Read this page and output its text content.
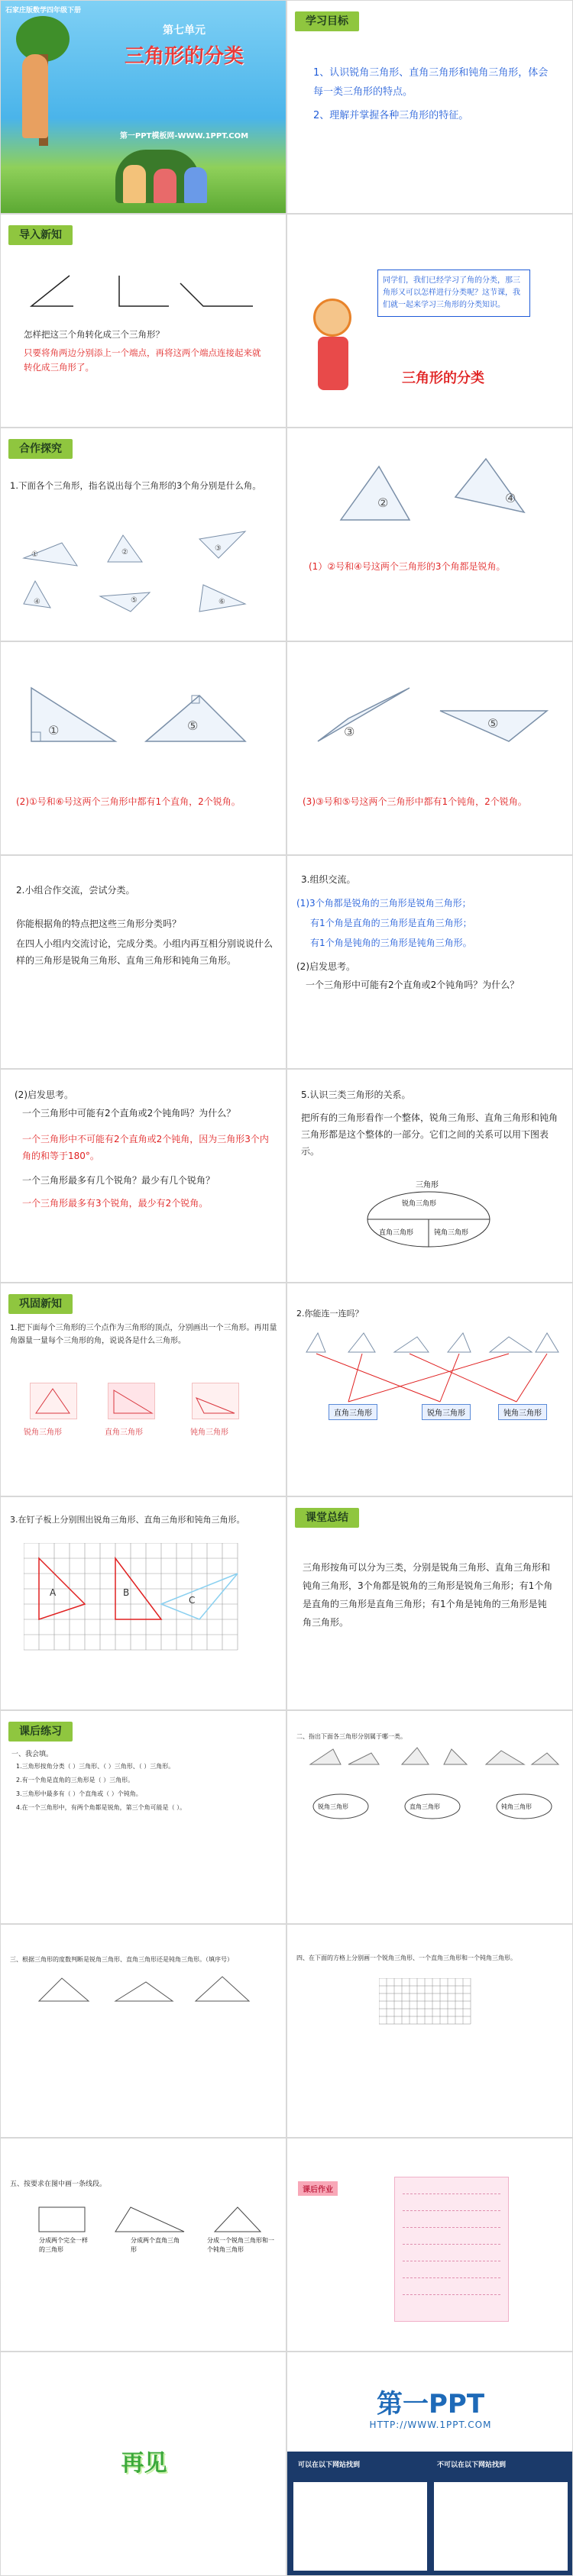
石家庄版数学四年级下册
第七单元
三角形的分类
第一PPT模板网-WWW.1PPT.COM
学习目标
1、认识锐角三角形、直角三角形和钝角三角形，体会每一类三角形的特点。
2、理解并掌握各种三角形的特征。
导入新知
怎样把这三个角转化成三个三角形？
只要将角两边分别添上一个端点，再将这两个端点连接起来就转化成三角形了。
同学们，我们已经学习了角的分类，那三角形又可以怎样进行分类呢？这节课，我们就一起来学习三角形的分类知识。
三角形的分类
合作探究
1.下面各个三角形，指名说出每个三角形的3个角分别是什么角。
①	②	③
④	⑤	⑥
②	④
(1）②号和④号这两个三角形的3个角都是锐角。
①	⑤
(2)①号和⑥号这两个三角形中都有1个直角，2个锐角。
③
⑤
(3)③号和⑤号这两个三角形中都有1个钝角，2个锐角。
2.小组合作交流，尝试分类。
你能根据角的特点把这些三角形分类吗？
在四人小组内交流讨论，完成分类。小组内再互相分别说说什么样的三角形是锐角三角形、直角三角形和钝角三角形。
3.组织交流。
(1)3个角都是锐角的三角形是锐角三角形；
有1个角是直角的三角形是直角三角形；
有1个角是钝角的三角形是钝角三角形。
(2)启发思考。
一个三角形中可能有2个直角或2个钝角吗？为什么？
(2)启发思考。
一个三角形中可能有2个直角或2个钝角吗？为什么？
一个三角形中不可能有2个直角或2个钝角，因为三角形3个内角的和等于180°。
一个三角形最多有几个锐角？最少有几个锐角？
一个三角形最多有3个锐角，最少有2个锐角。
5.认识三类三角形的关系。
把所有的三角形看作一个整体，锐角三角形、直角三角形和钝角三角形都是这个整体的一部分。它们之间的关系可以用下图表示。
三角形
锐角三角形
直角三角形	钝角三角形
巩固新知
1.把下面每个三角形的三个点作为三角形的顶点，分别画出一个三角形。再用量角器量一量每个三角形的角，说说各是什么三角形。
锐角三角形	直角三角形	钝角三角形
2.你能连一连吗？
直角三角形	锐角三角形	钝角三角形
3.在钉子板上分别围出锐角三角形、直角三角形和钝角三角形。
A	B
C
课堂总结
三角形按角可以分为三类，分别是锐角三角形、直角三角形和钝角三角形，3个角都是锐角的三角形是锐角三角形；有1个角是直角的三角形是直角三角形；有1个角是钝角的三角形是钝角三角形。
课后练习
一、我会填。
1.三角形按角分类（ ）三角形、（ ）三角形、（ ）三角形。
2.有一个角是直角的三角形是（ ）三角形。
3.三角形中最多有（ ）个直角或（ ）个钝角。
4.在一个三角形中，有两个角都是锐角，第三个角可能是（ ）。
二、指出下面各三角形分别属于哪一类。
锐角三角形	直角三角形	钝角三角形
三、根据三角形的度数判断是锐角三角形、直角三角形还是钝角三角形。（填序号）	四、在下面的方格上分别画一个锐角三角形、一个直角三角形和一个钝角三角形。
五、按要求在图中画一条线段。
分成两个完全一样的三角形
分成两个直角三角形
分成一个锐角三角形和一个钝角三角形
课后作业
再见
第一PPT
HTTP://WWW.1PPT.COM
可以在以下网站找到	不可以在以下网站找到
